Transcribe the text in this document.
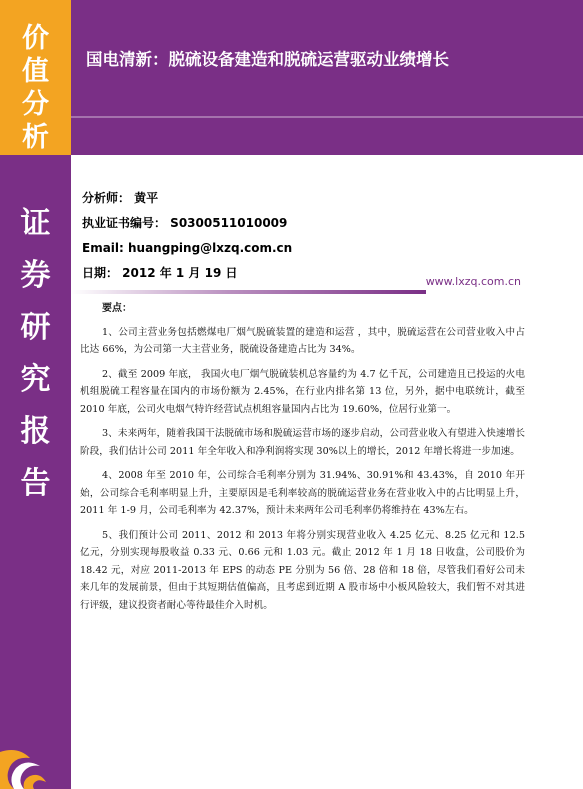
价
值
分
析
证
券
研
究
报
告
国电清新：脱硫设备建造和脱硫运营驱动业绩增长
分析师： 黄平
执业证书编号： S0300511010009
Email: huangping@lxzq.com.cn
日期： 2012 年 1 月 19 日
www.lxzq.com.cn
要点：

1、公司主营业务包括燃煤电厂烟气脱硫装置的建造和运营 ，其中，脱硫运营在公司营业收入中占比达 66%，为公司第一大主营业务，脱硫设备建造占比为 34%。

2、截至 2009 年底， 我国火电厂烟气脱硫装机总容量约为 4.7 亿千瓦，公司建造且已投运的火电机组脱硫工程容量在国内的市场份额为 2.45%，在行业内排名第 13 位，另外，据中电联统计，截至 2010 年底，公司火电烟气特许经营试点机组容量国内占比为 19.60%，位居行业第一。

3、未来两年，随着我国干法脱硫市场和脱硫运营市场的逐步启动，公司营业收入有望进入快速增长阶段，我们估计公司 2011 年全年收入和净利润将实现 30%以上的增长，2012 年增长将进一步加速。

4、2008 年至 2010 年，公司综合毛利率分别为 31.94%、30.91%和 43.43%，自 2010 年开始，公司综合毛利率明显上升，主要原因是毛利率较高的脱硫运营业务在营业收入中的占比明显上升，2011 年 1-9 月，公司毛利率为 42.37%，预计未来两年公司毛利率仍将维持在 43%左右。

5、我们预计公司 2011、2012 和 2013 年将分别实现营业收入 4.25 亿元、8.25 亿元和 12.5 亿元，分别实现每股收益 0.33 元、0.66 元和 1.03 元。截止 2012 年 1 月 18 日收盘，公司股价为 18.42 元，对应 2011-2013 年 EPS 的动态 PE 分别为 56 倍、28 倍和 18 倍，尽管我们看好公司未来几年的发展前景，但由于其短期估值偏高，且考虑到近期 A 股市场中小板风险较大，我们暂不对其进行评级，建议投资者耐心等待最佳介入时机。
